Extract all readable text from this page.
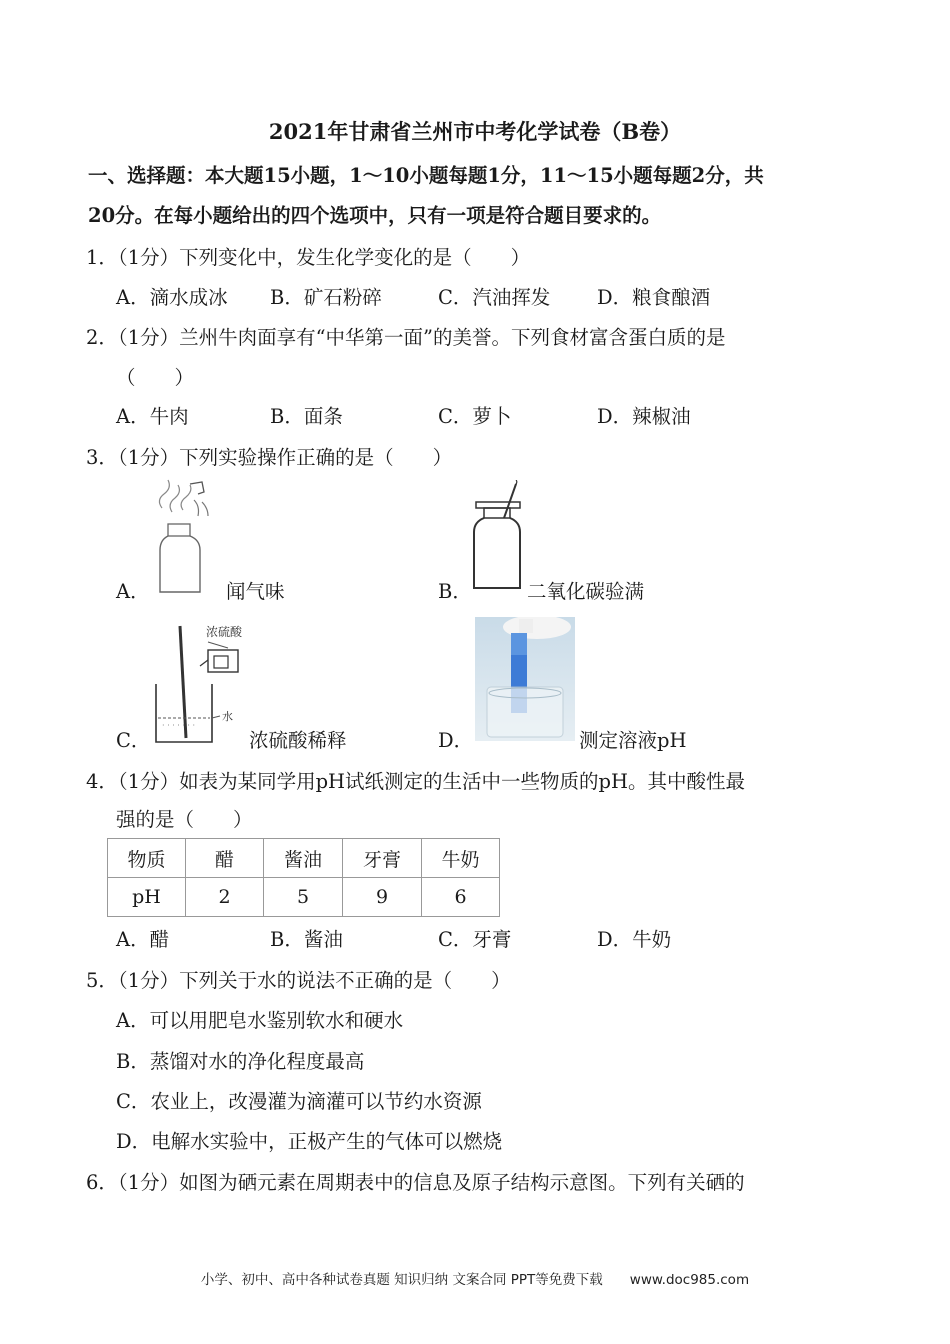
2021年甘肃省兰州市中考化学试卷（B卷）
一、选择题：本大题15小题，1～10小题每题1分，11～15小题每题2分，共
20分。在每小题给出的四个选项中，只有一项是符合题目要求的。
1．（1分）下列变化中，发生化学变化的是（　　）
A．滴水成冰 B．矿石粉碎	C．汽油挥发 D．粮食酿酒
2．（1分）兰州牛肉面享有“中华第一面”的美誉。下列食材富含蛋白质的是
（　　）
A．牛肉	B．面条	C．萝卜	D．辣椒油
3．（1分）下列实验操作正确的是（　　）
A．	闻气味	B．	二氧化碳验满
浓硫酸
· · · · · · ·
水
C．	浓硫酸稀释	D．	测定溶液pH
4．（1分）如表为某同学用pH试纸测定的生活中一些物质的pH。其中酸性最
强的是（　　）
物质	醋	酱油	牙膏	牛奶
pH	2	5	9	6
A．醋	B．酱油	C．牙膏	D．牛奶
5．（1分）下列关于水的说法不正确的是（　　）
A．可以用肥皂水鉴别软水和硬水
B．蒸馏对水的净化程度最高
C．农业上，改漫灌为滴灌可以节约水资源
D．电解水实验中，正极产生的气体可以燃烧
6．（1分）如图为硒元素在周期表中的信息及原子结构示意图。下列有关硒的
小学、初中、高中各种试卷真题 知识归纳 文案合同 PPT等免费下载　　www.doc985.com
